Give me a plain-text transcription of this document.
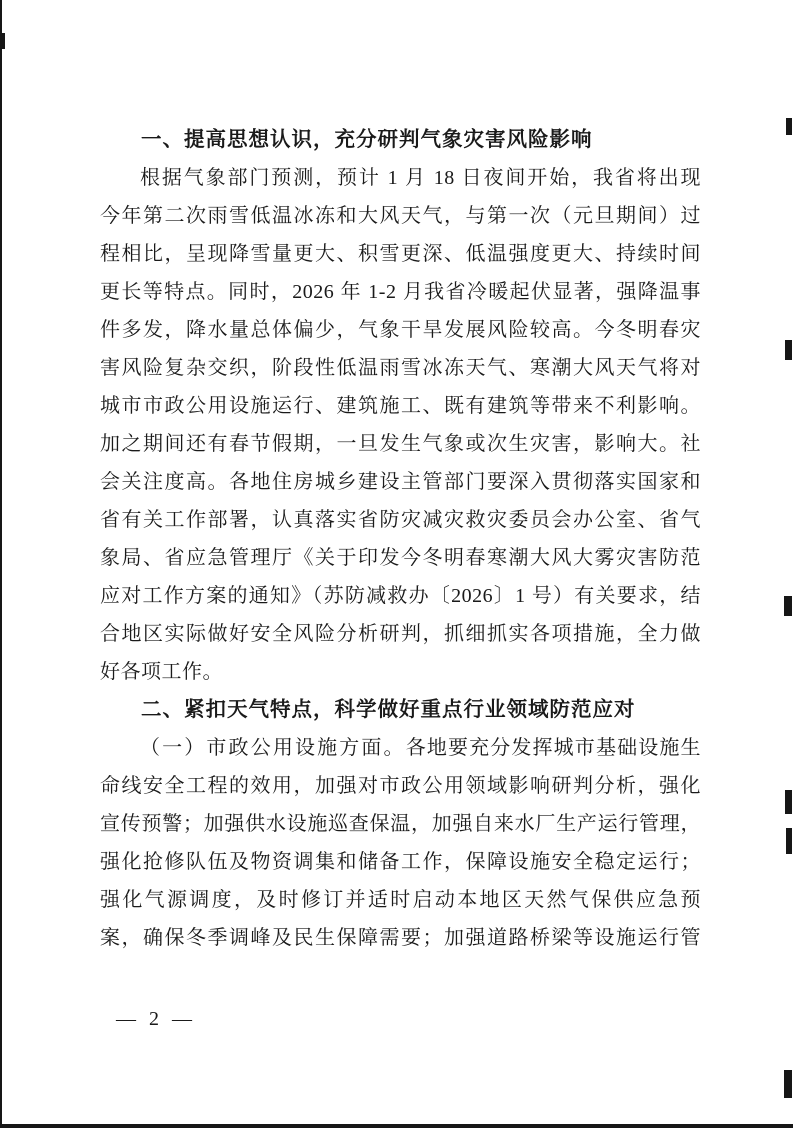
一、提高思想认识，充分研判气象灾害风险影响
根据气象部门预测，预计 1 月 18 日夜间开始，我省将出现
今年第二次雨雪低温冰冻和大风天气，与第一次（元旦期间）过
程相比，呈现降雪量更大、积雪更深、低温强度更大、持续时间
更长等特点。同时，2026 年 1-2 月我省冷暖起伏显著，强降温事
件多发，降水量总体偏少，气象干旱发展风险较高。今冬明春灾
害风险复杂交织，阶段性低温雨雪冰冻天气、寒潮大风天气将对
城市市政公用设施运行、建筑施工、既有建筑等带来不利影响。
加之期间还有春节假期，一旦发生气象或次生灾害，影响大。社
会关注度高。各地住房城乡建设主管部门要深入贯彻落实国家和
省有关工作部署，认真落实省防灾减灾救灾委员会办公室、省气
象局、省应急管理厅《关于印发今冬明春寒潮大风大雾灾害防范
应对工作方案的通知》（苏防减救办〔2026〕1 号）有关要求，结
合地区实际做好安全风险分析研判，抓细抓实各项措施，全力做
好各项工作。
二、紧扣天气特点，科学做好重点行业领域防范应对
（一）市政公用设施方面。各地要充分发挥城市基础设施生
命线安全工程的效用，加强对市政公用领域影响研判分析，强化
宣传预警；加强供水设施巡查保温，加强自来水厂生产运行管理，
强化抢修队伍及物资调集和储备工作，保障设施安全稳定运行；
强化气源调度，及时修订并适时启动本地区天然气保供应急预
案，确保冬季调峰及民生保障需要；加强道路桥梁等设施运行管
— 2 —
